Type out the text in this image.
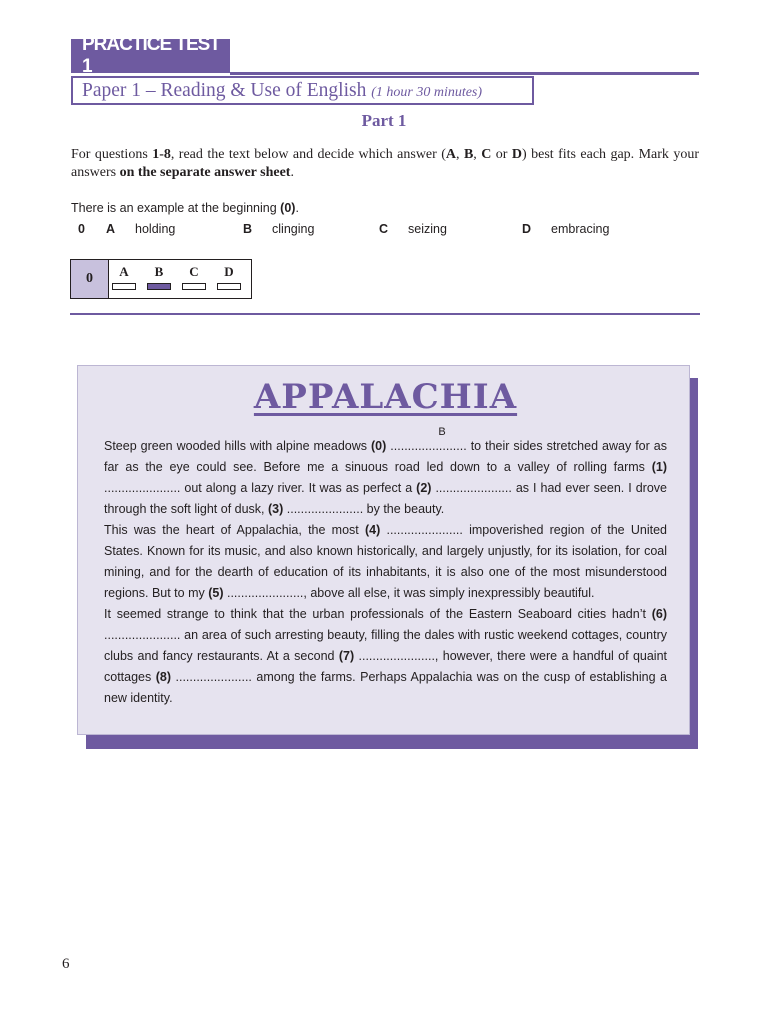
PRACTICE TEST 1
Paper 1 – Reading & Use of English (1 hour 30 minutes)
Part 1
For questions 1-8, read the text below and decide which answer (A, B, C or D) best fits each gap. Mark your answers on the separate answer sheet.
There is an example at the beginning (0).
0 A holding	B clinging	C seizing	D embracing
0	A	B	C	D
APPALACHIA

Steep green wooded hills with alpine meadows (0) ......................
B
to their sides stretched away for as far as the eye could see. Before me a sinuous road led down to a valley of rolling farms (1) ...................... out along a lazy river. It was as perfect a (2) ...................... as I had ever seen. I drove through the soft light of dusk, (3) ...................... by the beauty.

This was the heart of Appalachia, the most (4) ...................... impoverished region of the United States. Known for its music, and also known historically, and largely unjustly, for its isolation, for coal mining, and for the dearth of education of its inhabitants, it is also one of the most misunderstood regions. But to my (5) ......................, above all else, it was simply inexpressibly beautiful.

It seemed strange to think that the urban professionals of the Eastern Seaboard cities hadn’t (6) ...................... an area of such arresting beauty, filling the dales with rustic weekend cottages, country clubs and fancy restaurants. At a second (7) ......................, however, there were a handful of quaint cottages (8) ...................... among the farms. Perhaps Appalachia was on the cusp of establishing a new identity.

6
